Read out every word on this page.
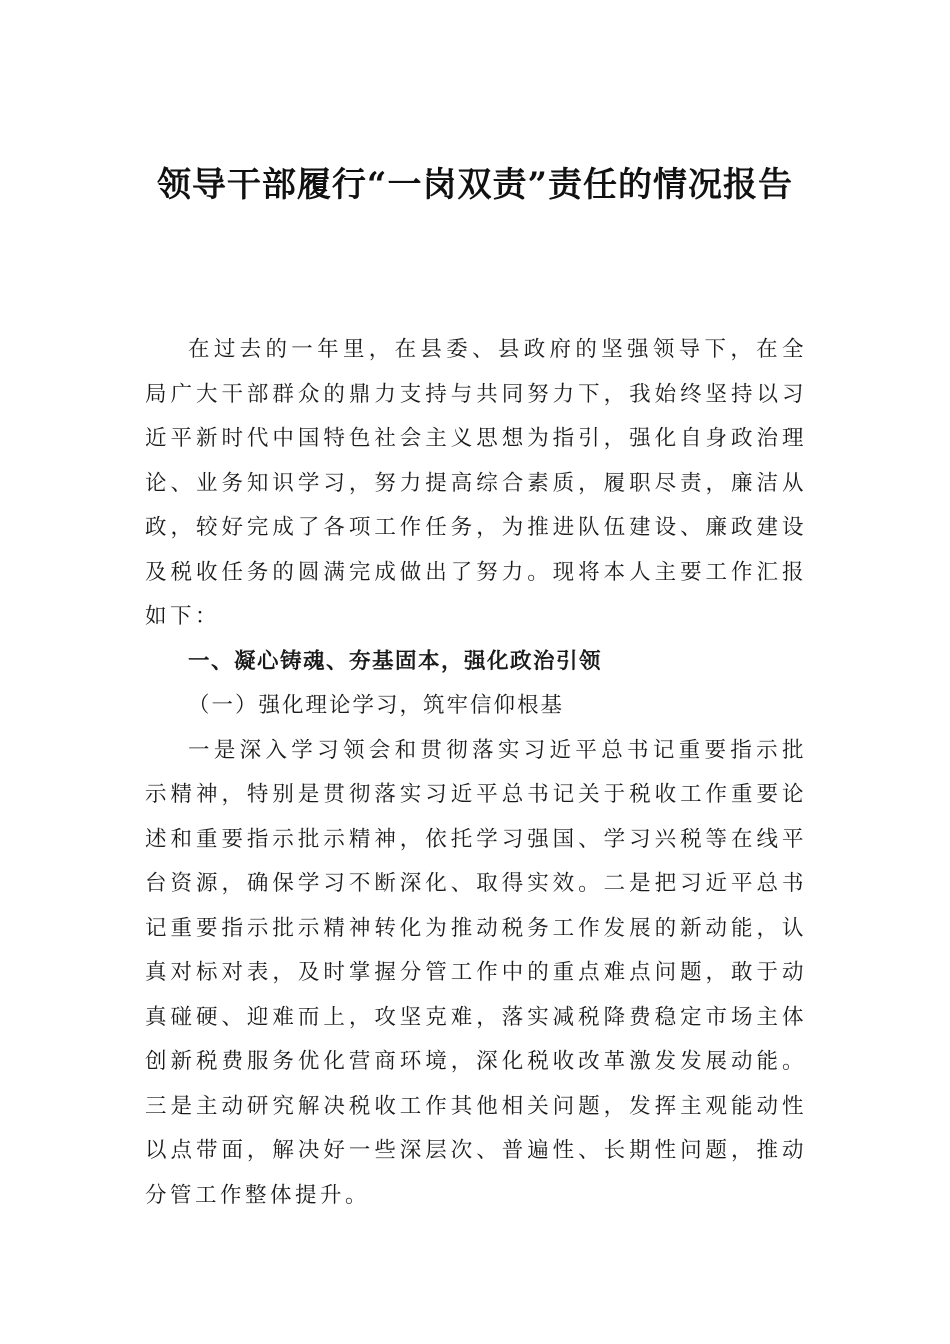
领导干部履行“一岗双责”责任的情况报告

在过去的一年里，在县委、县政府的坚强领导下，在全局广大干部群众的鼎力支持与共同努力下，我始终坚持以习近平新时代中国特色社会主义思想为指引，强化自身政治理论、业务知识学习，努力提高综合素质，履职尽责，廉洁从政，较好完成了各项工作任务，为推进队伍建设、廉政建设及税收任务的圆满完成做出了努力。现将本人主要工作汇报如下：

一、凝心铸魂、夯基固本，强化政治引领

（一）强化理论学习，筑牢信仰根基

一是深入学习领会和贯彻落实习近平总书记重要指示批示精神，特别是贯彻落实习近平总书记关于税收工作重要论述和重要指示批示精神，依托学习强国、学习兴税等在线平台资源，确保学习不断深化、取得实效。二是把习近平总书记重要指示批示精神转化为推动税务工作发展的新动能，认真对标对表，及时掌握分管工作中的重点难点问题，敢于动真碰硬、迎难而上，攻坚克难，落实减税降费稳定市场主体创新税费服务优化营商环境，深化税收改革激发发展动能。三是主动研究解决税收工作其他相关问题，发挥主观能动性以点带面，解决好一些深层次、普遍性、长期性问题，推动分管工作整体提升。
